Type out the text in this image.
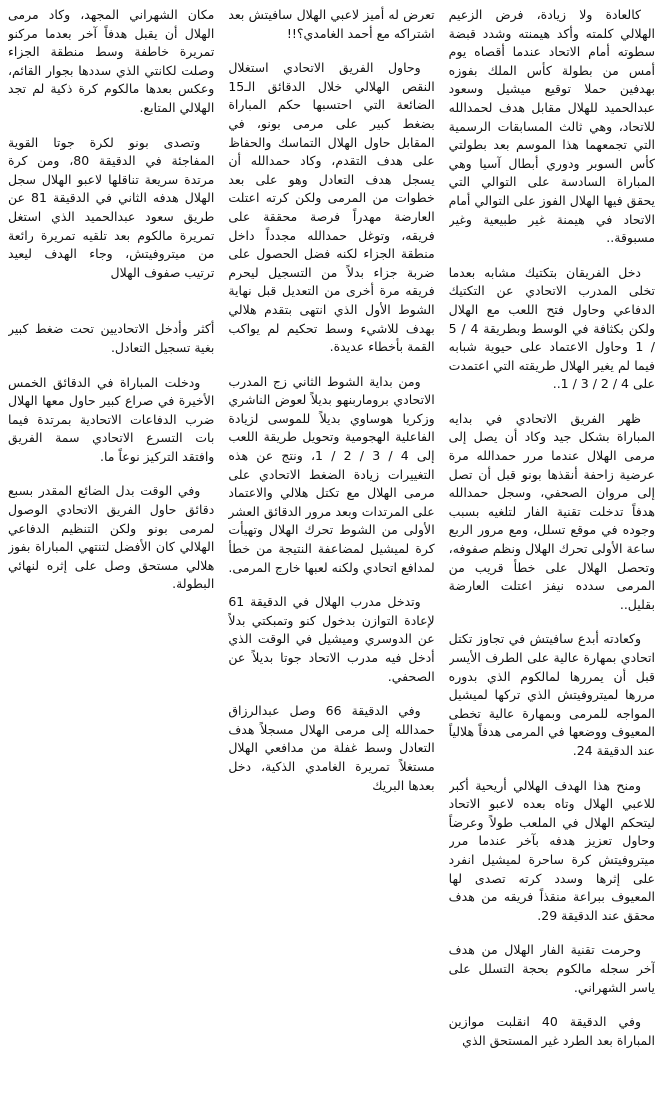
كالعادة ولا زيادة، فرض الزعيم الهلالي كلمته وأكد هيمنته وشدد قبضة سطوته أمام الاتحاد عندما أقصاه يوم أمس من بطولة كأس الملك بفوزه بهدفين حملا توقيع ميشيل وسعود عبدالحميد للهلال مقابل هدف لحمدالله للاتحاد، وهي ثالث المسابقات الرسمية التي تجمعهما هذا الموسم بعد بطولتي كأس السوبر ودوري أبطال آسيا وهي المباراة السادسة على التوالي التي يحقق فيها الهلال الفوز على التوالي أمام الاتحاد في هيمنة غير طبيعية وغير مسبوقة..

دخل الفريقان بتكتيك مشابه بعدما تخلى المدرب الاتحادي عن التكتيك الدفاعي وحاول فتح اللعب مع الهلال ولكن بكثافة في الوسط وبطريقة 4 / 5 / 1 وحاول الاعتماد على حيوية شبابه فيما لم يغير الهلال طريقته التي اعتمدت على 4 / 2 / 3 / 1..

ظهر الفريق الاتحادي في بدايه المباراة بشكل جيد وكاد أن يصل إلى مرمى الهلال عندما مرر حمدالله مرة عرضية زاحفة أنقذها بونو قبل أن تصل إلى مروان الصحفي، وسجل حمدالله هدفاً تدخلت تقنية الفار لتلغيه بسبب وجوده في موقع تسلل، ومع مرور الربع ساعة الأولى تحرك الهلال ونظم صفوفه، وتحصل الهلال على خطأ قريب من المرمى سدده نيفز اعتلت العارضة بقليل..

وكعادته أبدع سافيتش في تجاوز تكتل اتحادي بمهارة عالية على الطرف الأيسر قبل أن يمررها لمالكوم الذي بدوره مررها لميتروفيتش الذي تركها لميشيل المواجه للمرمى وبمهارة عالية تخطى المعيوف ووضعها في المرمى هدفاً هلالياً عند الدقيقة 24.

ومنح هذا الهدف الهلالي أريحية أكبر للاعبي الهلال وتاه بعده لاعبو الاتحاد ليتحكم الهلال في الملعب طولاً وعرضاً وحاول تعزيز هدفه بآخر عندما مرر ميتروفيتش كرة ساحرة لميشيل انفرد على إثرها وسدد كرته تصدى لها المعيوف ببراعة منقذاً فريقه من هدف محقق عند الدقيقة 29.

وحرمت تقنية الفار الهلال من هدف آخر سجله مالكوم بحجة التسلل على ياسر الشهراني.

وفي الدقيقة 40 انقلبت موازين المباراة بعد الطرد غير المستحق الذي

تعرض له أميز لاعبي الهلال سافيتش بعد اشتراكه مع أحمد الغامدي؟!!

وحاول الفريق الاتحادي استغلال النقص الهلالي خلال الدقائق الـ15 الضائعة التي احتسبها حكم المباراة بضغط كبير على مرمى بونو، في المقابل حاول الهلال التماسك والحفاظ على هدف التقدم، وكاد حمدالله أن يسجل هدف التعادل وهو على بعد خطوات من المرمى ولكن كرته اعتلت العارضة مهدراً فرصة محققة على فريقه، وتوغل حمدالله مجدداً داخل منطقة الجزاء لكنه فضل الحصول على ضربة جزاء بدلاً من التسجيل ليحرم فريقه مرة أخرى من التعديل قبل نهاية الشوط الأول الذي انتهى بتقدم هلالي بهدف للاشيء وسط تحكيم لم يواكب القمة بأخطاء عديدة.

ومن بداية الشوط الثاني زج المدرب الاتحادي بروماربنهو بديلاً لعوض الناشري وزكريا هوساوي بديلاً للموسى لزيادة الفاعلية الهجومية وتحويل طريقة اللعب إلى 4 / 3 / 2 / 1، ونتج عن هذه التغييرات زيادة الضغط الاتحادي على مرمى الهلال مع تكتل هلالي والاعتماد على المرتدات وبعد مرور الدقائق العشر الأولى من الشوط تحرك الهلال وتهيأت كرة لميشيل لمضاعفة النتيجة من خطأ لمدافع اتحادي ولكنه لعبها خارج المرمى.

وتدخل مدرب الهلال في الدقيقة 61 لإعادة التوازن بدخول كنو وتمبكتي بدلاً عن الدوسري وميشيل في الوقت الذي أدخل فيه مدرب الاتحاد جوتا بديلاً عن الصحفي.

وفي الدقيقة 66 وصل عبدالرزاق حمدالله إلى مرمى الهلال مسجلاً هدف التعادل وسط غفلة من مدافعي الهلال مستغلاً تمريرة الغامدي الذكية، دخل بعدها البريك

مكان الشهراني المجهد، وكاد مرمى الهلال أن يقبل هدفاً آخر بعدما مركنو تمريرة خاطفة وسط منطقة الجزاء وصلت لكانتي الذي سددها بجوار القائم، وعكس بعدها مالكوم كرة ذكية لم تجد الهلالي المتابع.

وتصدى بونو لكرة جوتا القوية المفاجئة في الدقيقة 80، ومن كرة مرتدة سريعة تناقلها لاعبو الهلال سجل الهلال هدفه الثاني في الدقيقة 81 عن طريق سعود عبدالحميد الذي استغل تمريرة مالكوم بعد تلقيه تمريرة رائعة من ميتروفيتش، وجاء الهدف ليعيد ترتيب صفوف الهلال

أكثر وأدخل الاتحاديين تحت ضغط كبير بغية تسجيل التعادل.

ودخلت المباراة في الدقائق الخمس الأخيرة في صراع كبير حاول معها الهلال ضرب الدفاعات الاتحادية بمرتدة فيما بات التسرع الاتحادي سمة الفريق وافتقد التركيز نوعاً ما.

وفي الوقت بدل الضائع المقدر بسبع دقائق حاول الفريق الاتحادي الوصول لمرمى بونو ولكن التنظيم الدفاعي الهلالي كان الأفضل لتنتهي المباراة بفوز هلالي مستحق وصل على إثره لنهائي البطولة.
